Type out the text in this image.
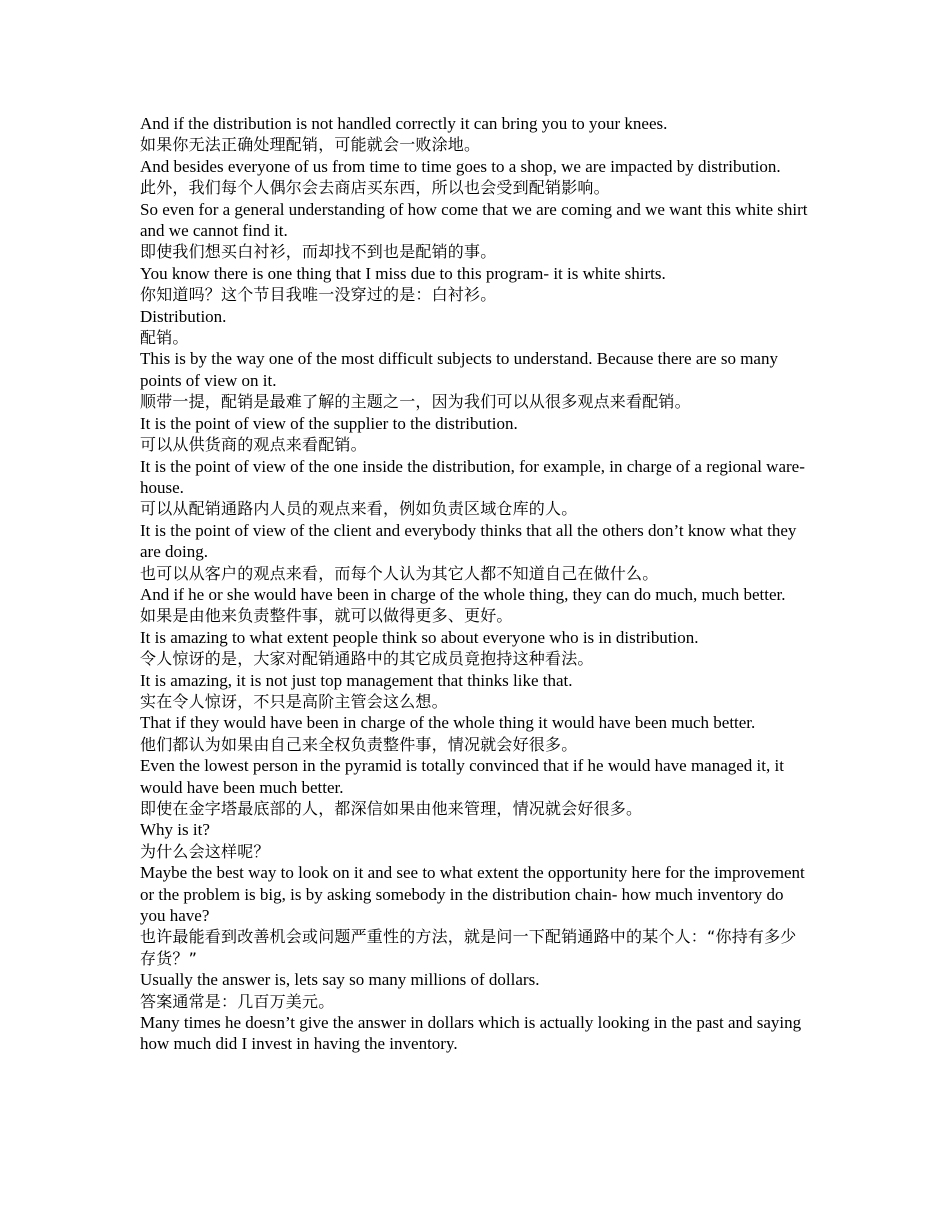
And if the distribution is not handled correctly it can bring you to your knees.

如果你无法正确处理配销，可能就会一败涂地。

And besides everyone of us from time to time goes to a shop, we are impacted by distribution.

此外，我们每个人偶尔会去商店买东西，所以也会受到配销影响。

So even for a general understanding of how come that we are coming and we want this white shirt and we cannot find it.

即使我们想买白衬衫，而却找不到也是配销的事。

You know there is one thing that I miss due to this program- it is white shirts.

你知道吗？这个节目我唯一没穿过的是：白衬衫。

Distribution.

配销。

This is by the way one of the most difficult subjects to understand. Because there are so many points of view on it.

顺带一提，配销是最难了解的主题之一，因为我们可以从很多观点来看配销。

It is the point of view of the supplier to the distribution.

可以从供货商的观点来看配销。

It is the point of view of the one inside the distribution, for example, in charge of a regional ware-house.

可以从配销通路内人员的观点来看，例如负责区域仓库的人。

It is the point of view of the client and everybody thinks that all the others don’t know what they are doing.

也可以从客户的观点来看，而每个人认为其它人都不知道自己在做什么。

And if he or she would have been in charge of the whole thing, they can do much, much better.

如果是由他来负责整件事，就可以做得更多、更好。

It is amazing to what extent people think so about everyone who is in distribution.

令人惊讶的是，大家对配销通路中的其它成员竟抱持这种看法。

It is amazing, it is not just top management that thinks like that.

实在令人惊讶，不只是高阶主管会这么想。

That if they would have been in charge of the whole thing it would have been much better.

他们都认为如果由自己来全权负责整件事，情况就会好很多。

Even the lowest person in the pyramid is totally convinced that if he would have managed it, it would have been much better.

即使在金字塔最底部的人，都深信如果由他来管理，情况就会好很多。

Why is it?

为什么会这样呢？

Maybe the best way to look on it and see to what extent the opportunity here for the improvement or the problem is big, is by asking somebody in the distribution chain- how much inventory do you have?

也许最能看到改善机会或问题严重性的方法，就是问一下配销通路中的某个人：“你持有多少存货？”

Usually the answer is, lets say so many millions of dollars.

答案通常是：几百万美元。

Many times he doesn’t give the answer in dollars which is actually looking in the past and saying how much did I invest in having the inventory.
